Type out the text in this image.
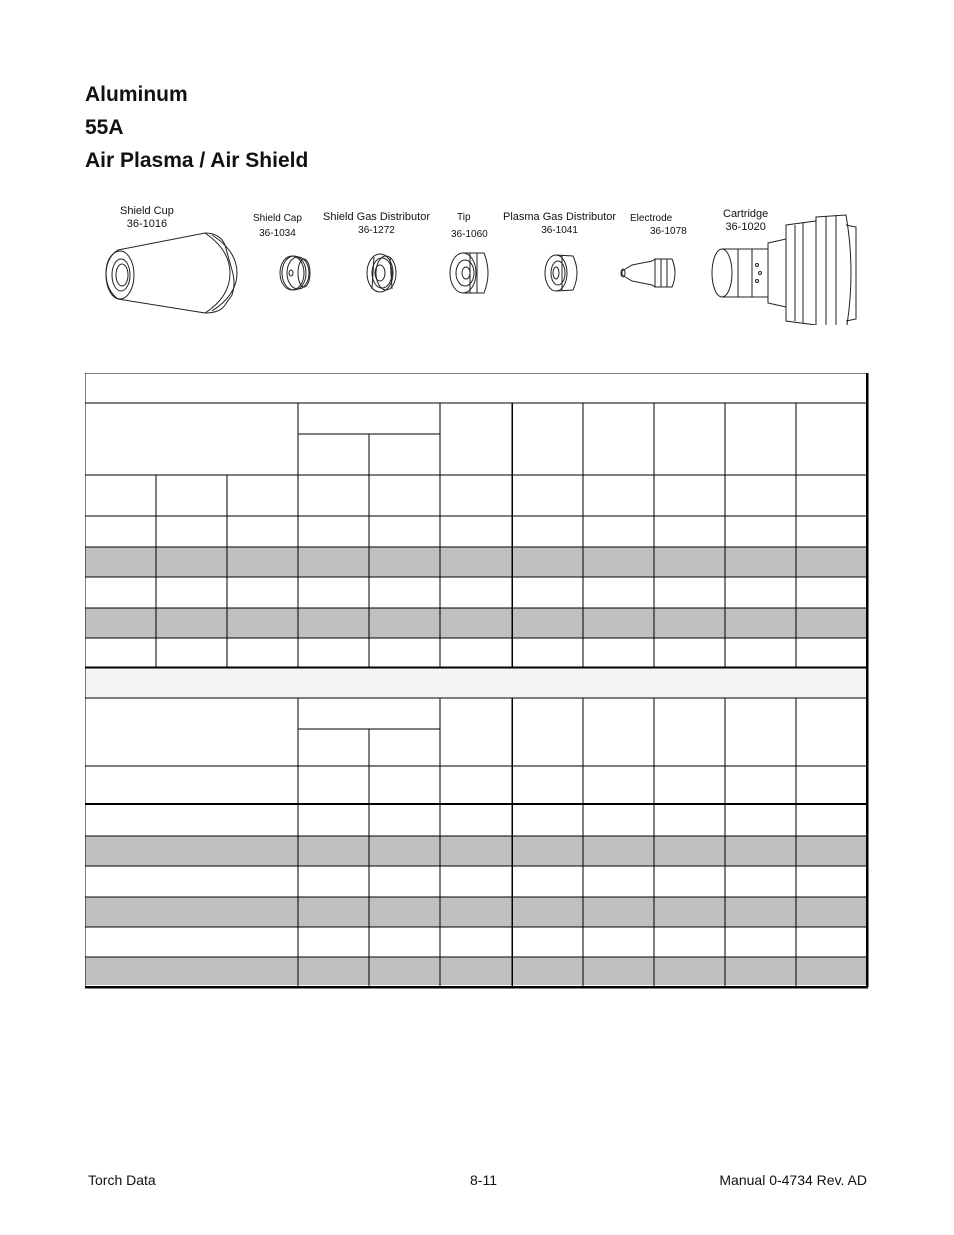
Aluminum
55A
Air Plasma / Air Shield
Shield Cup
36-1016	Shield Cap
36-1034
Shield Gas Distributor
36-1272
Tip
36-1060
Plasma Gas Distributor
36-1041
Electrode
36-1078
Cartridge
36-1020
Torch Data	8-11	Manual 0-4734 Rev. AD
